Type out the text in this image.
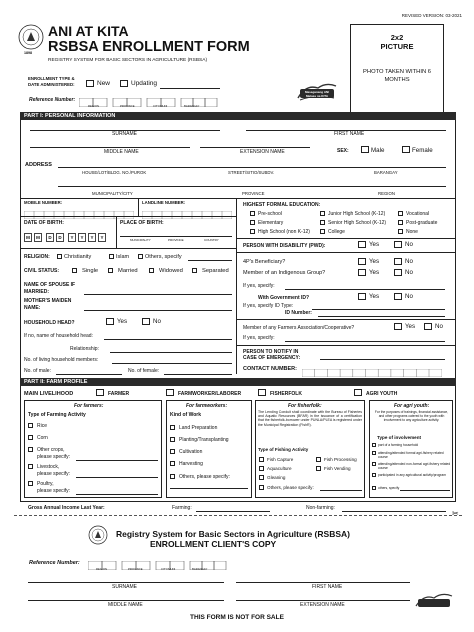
REVISED VERSION: 03-2021
1898
ANI AT KITA
RSBSA ENROLLMENT FORM
REGISTRY SYSTEM FOR BASIC SECTORS IN AGRICULTURE (RSBSA)
ENROLLMENT TYPE & DATE ADMINISTERED:	New	Updating
Reference Number:
REGION	PROVINCE	CITY/MUNI	BARANGAY
Masaganang ANI Mataas na KITA
2x2
PICTURE
PHOTO TAKEN WITHIN 6 MONTHS
PART I: PERSONAL INFORMATION
SURNAME	FIRST NAME
MIDDLE NAME	EXTENSION NAME	SEX:	Male	Female
ADDRESS
HOUSE/LOT/BLDG. NO./PUROK	STREET/SITIO/SUBDV.	BARANGAY
MUNICIPALITY/CITY	PROVINCE	REGION
MOBILE NUMBER:	LANDLINE NUMBER:
DATE OF BIRTH:	PLACE OF BIRTH:
M	M	D	D	Y	Y	Y	Y	MUNICIPALITY	PROVINCE	COUNTRY
RELIGION:	Christianity	Islam	Others, specify
CIVIL STATUS:	Single	Married	Widowed	Separated
NAME OF SPOUSE IF MARRIED:
MOTHER'S MAIDEN NAME:
HOUSEHOLD HEAD?	Yes	No
If no, name of household head:
Relationship:
No. of living household members:
No. of male:	No. of female:
HIGHEST FORMAL EDUCATION:
Pre-school
Elementary
High School (non K-12)
Junior High School (K-12)
Senior High School (K-12)
College
Vocational
Post-graduate
None
PERSON WITH DISABILITY (PWD):	Yes	No
4P's Beneficiary?	Yes	No
Member of an Indigenous Group?	Yes	No
If yes, specify:
With Government ID?	Yes	No
If yes, specify ID Type:
ID Number:
Member of any Farmers Association/Cooperative?	Yes	No
If yes, specify:
PERSON TO NOTIFY IN CASE OF EMERGENCY:
CONTACT NUMBER:
PART II: FARM PROFILE
MAIN LIVELIHOOD	FARMER	FARMWORKER/LABORER	FISHERFOLK	AGRI YOUTH
For farmers:
Type of Farming Activity
Rice
Corn
Other crops,
please specify:
Livestock,
please specify:
Poultry,
please specify:
For farmworkers:
Kind of Work
Land Preparation
Planting/Transplanting
Cultivation
Harvesting
Others, please specify:
For fisherfolk:
The Lending Conduit shall coordinate with the Bureau of Fisheries and Aquatic Resources (BFAR) in the issuance of a certification that the fisherfolk-borrower under PUNLA/PLEA is registered under the Municipal Registration (FishR).
Type of Fishing Activity
Fish Capture
Aquaculture
Gleaning
Fish Processing
Fish Vending
Others, please specify:
For agri youth:
For the purposes of trainings, financial assistance, and other programs catered to the youth with involvement to any agriculture activity.
Type of involvement
part of a farming household
attending/attended formal agri-fishery related course
attending/attended non-formal agri-fishery related course
participated in any agricultural activity/program
others, specify
Gross Annual Income Last Year:	Farming:	Non-farming:
✂
Registry System for Basic Sectors in Agriculture (RSBSA)
ENROLLMENT CLIENT'S COPY
Reference Number:
REGION	PROVINCE	CITY/MUNI	BARANGAY
SURNAME	FIRST NAME
MIDDLE NAME	EXTENSION NAME
THIS FORM IS NOT FOR SALE
